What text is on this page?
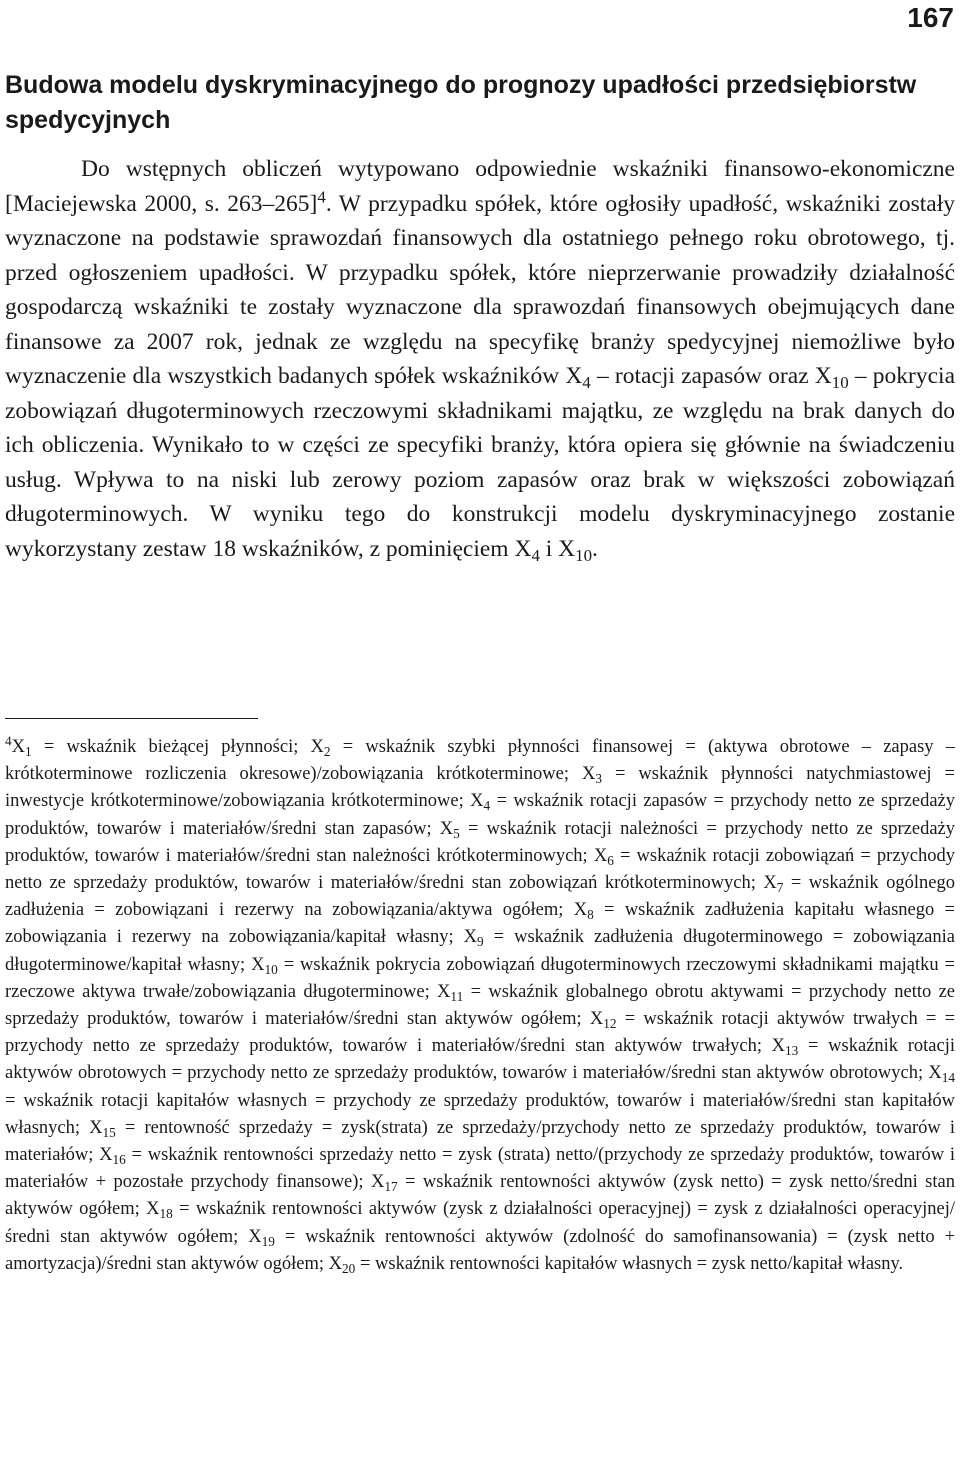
167
Budowa modelu dyskryminacyjnego do prognozy upadłości przedsiębiorstw spedycyjnych

Do wstępnych obliczeń wytypowano odpowiednie wskaźniki finansowo-ekonomiczne [Maciejewska 2000, s. 263–265]$^4$. W przypadku spółek, które ogłosiły upadłość, wskaźniki zostały wyznaczone na podstawie sprawozdań finansowych dla ostatniego pełnego roku obrotowego, tj. przed ogłoszeniem upadłości. W przypadku spółek, które nieprzerwanie prowadziły działalność gospodarczą wskaźniki te zostały wyznaczone dla sprawozdań finansowych obejmujących dane finansowe za 2007 rok, jednak ze względu na specyfikę branży spedycyjnej niemożliwe było wyznaczenie dla wszystkich badanych spółek wskaźników $X_4$ – rotacji zapasów oraz $X_{10}$ – pokrycia zobowiązań długoterminowych rzeczowymi składnikami majątku, ze względu na brak danych do ich obliczenia. Wynikało to w części ze specyfiki branży, która opiera się głównie na świadczeniu usług. Wpływa to na niski lub zerowy poziom zapasów oraz brak w większości zobowiązań długoterminowych. W wyniku tego do konstrukcji modelu dyskryminacyjnego zostanie wykorzystany zestaw 18 wskaźników, z pominięciem $X_4$ i $X_{10}$.

$^4X_1$ = wskaźnik bieżącej płynności; $X_2$ = wskaźnik szybki płynności finansowej = (aktywa obrotowe – zapasy – krótkoterminowe rozliczenia okresowe)/zobowiązania krótkoterminowe; $X_3$ = wskaźnik płynności natychmiastowej = inwestycje krótkoterminowe/zobowiązania krótkoterminowe; $X_4$ = wskaźnik rotacji zapasów = przychody netto ze sprzedaży produktów, towarów i materiałów/średni stan zapasów; $X_5$ = wskaźnik rotacji należności = przychody netto ze sprzedaży produktów, towarów i materiałów/średni stan należności krótkoterminowych; $X_6$ = wskaźnik rotacji zobowiązań = przychody netto ze sprzedaży produktów, towarów i materiałów/średni stan zobowiązań krótkoterminowych; $X_7$ = wskaźnik ogólnego zadłużenia = zobowiązani i rezerwy na zobowiązania/aktywa ogółem; $X_8$ = wskaźnik zadłużenia kapitału własnego = zobowiązania i rezerwy na zobowiązania/kapitał własny; $X_9$ = wskaźnik zadłużenia długoterminowego = zobowiązania długoterminowe/kapitał własny; $X_{10}$ = wskaźnik pokrycia zobowiązań długoterminowych rzeczowymi składnikami majątku = rzeczowe aktywa trwałe/zobowiązania długoterminowe; $X_{11}$ = wskaźnik globalnego obrotu aktywami = przychody netto ze sprzedaży produktów, towarów i materiałów/średni stan aktywów ogółem; $X_{12}$ = wskaźnik rotacji aktywów trwałych = = przychody netto ze sprzedaży produktów, towarów i materiałów/średni stan aktywów trwałych; $X_{13}$ = wskaźnik rotacji aktywów obrotowych = przychody netto ze sprzedaży produktów, towarów i materiałów/średni stan aktywów obrotowych; $X_{14}$ = wskaźnik rotacji kapitałów własnych = przychody ze sprzedaży produktów, towarów i materiałów/średni stan kapitałów własnych; $X_{15}$ = rentowność sprzedaży = zysk(strata) ze sprzedaży/przychody netto ze sprzedaży produktów, towarów i materiałów; $X_{16}$ = wskaźnik rentowności sprzedaży netto = zysk (strata) netto/(przychody ze sprzedaży produktów, towarów i materiałów + pozostałe przychody finansowe); $X_{17}$ = wskaźnik rentowności aktywów (zysk netto) = zysk netto/średni stan aktywów ogółem; $X_{18}$ = wskaźnik rentowności aktywów (zysk z działalności operacyjnej) = zysk z działalności operacyjnej/średni stan aktywów ogółem; $X_{19}$ = wskaźnik rentowności aktywów (zdolność do samofinansowania) = (zysk netto + amortyzacja)/średni stan aktywów ogółem; $X_{20}$ = wskaźnik rentowności kapitałów własnych = zysk netto/kapitał własny.
